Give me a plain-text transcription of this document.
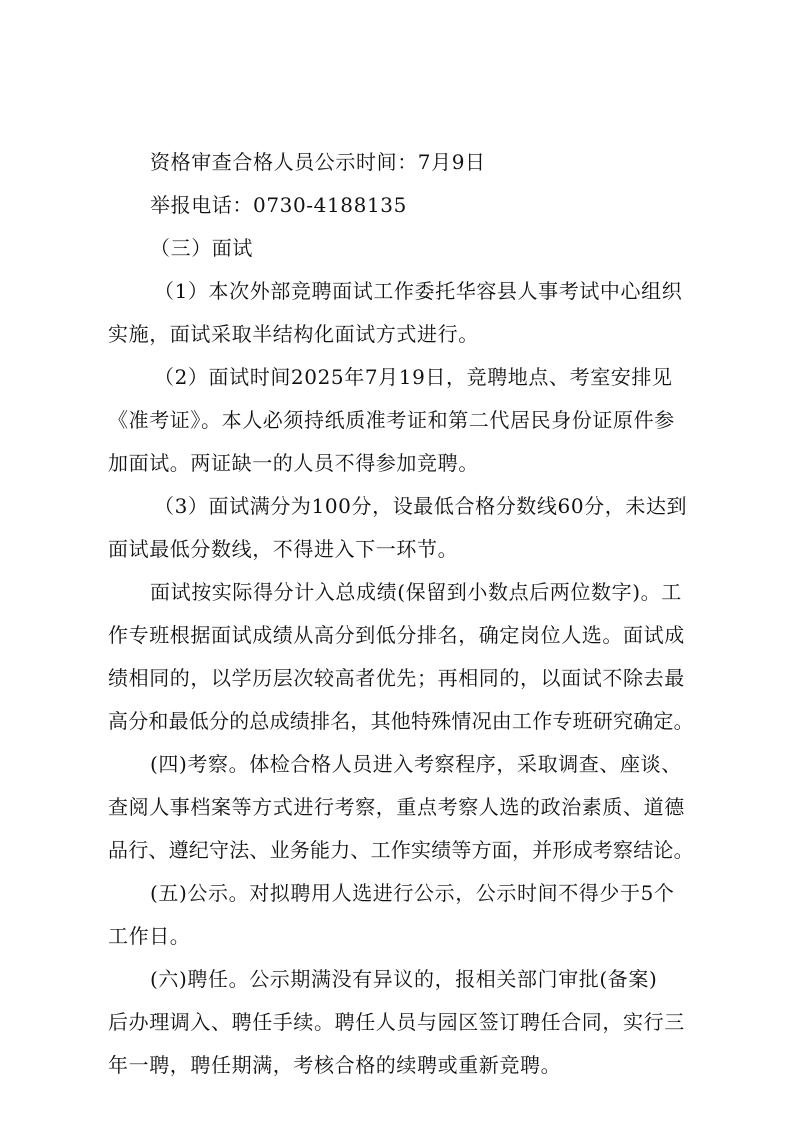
资格审查合格人员公示时间：7月9日
举报电话：0730-4188135
（三）面试
（1）本次外部竞聘面试工作委托华容县人事考试中心组织
实施，面试采取半结构化面试方式进行。
（2）面试时间2025年7月19日，竞聘地点、考室安排见
《准考证》。本人必须持纸质准考证和第二代居民身份证原件参
加面试。两证缺一的人员不得参加竞聘。
（3）面试满分为100分，设最低合格分数线60分，未达到
面试最低分数线，不得进入下一环节。
面试按实际得分计入总成绩(保留到小数点后两位数字)。工
作专班根据面试成绩从高分到低分排名，确定岗位人选。面试成
绩相同的，以学历层次较高者优先；再相同的，以面试不除去最
高分和最低分的总成绩排名，其他特殊情况由工作专班研究确定。
(四)考察。体检合格人员进入考察程序，采取调查、座谈、
查阅人事档案等方式进行考察，重点考察人选的政治素质、道德
品行、遵纪守法、业务能力、工作实绩等方面，并形成考察结论。
(五)公示。对拟聘用人选进行公示，公示时间不得少于5个
工作日。
(六)聘任。公示期满没有异议的，报相关部门审批(备案)
后办理调入、聘任手续。聘任人员与园区签订聘任合同，实行三
年一聘，聘任期满，考核合格的续聘或重新竞聘。
